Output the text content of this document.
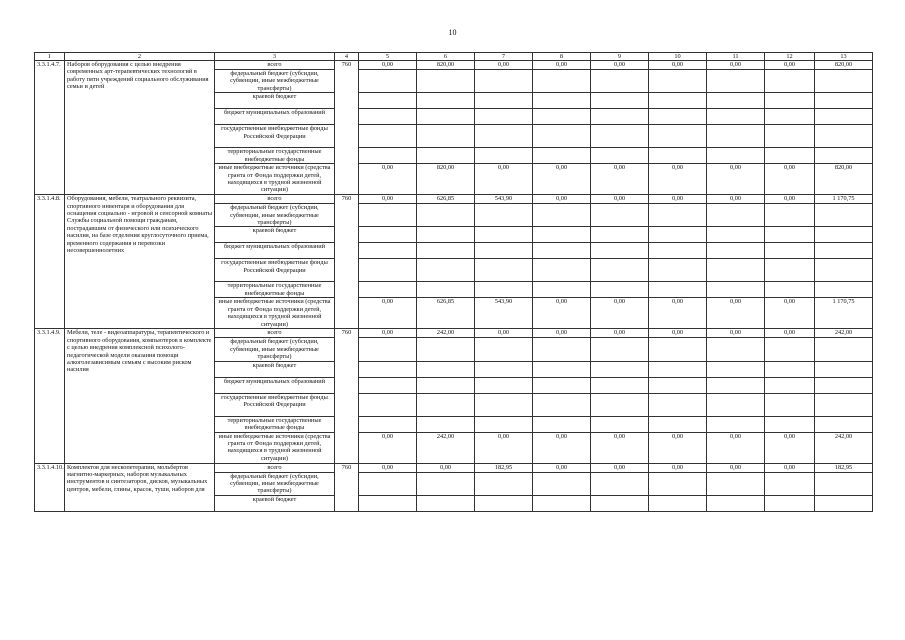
10
1	2	3	4	5	6	7	8	9	10	11	12	13
3.3.1.4.7.	Наборов оборудования с целью внедрения современных арт-терапевтических технологий в работу пяти учреждений социального обслуживания семьи и детей	всего	760	0,00	820,00	0,00	0,00	0,00	0,00	0,00	0,00	820,00
		федеральный бюджет (субсидии, субвенции, иные межбюджетные трансферты)										
		краевой бюджет										
		бюджет муниципальных образований										
		государственные внебюджетные фонды Российской Федерации										
		территориальные государственные внебюджетные фонды										
		иные внебюджетные источники (средства гранта от Фонда поддержки детей, находящихся в трудной жизненной ситуации)		0,00	820,00	0,00	0,00	0,00	0,00	0,00	0,00	820,00
3.3.1.4.8.	Оборудования, мебели, театрального реквизита, спортивного инвентаря и оборудования для оснащения социально - игровой и сенсорной комнаты Службы социальной помощи гражданам, пострадавшим от физического или психического насилия, на базе отделения круглосуточного приема, временного содержания и перевозки несовершеннолетних	всего	760	0,00	626,85	543,90	0,00	0,00	0,00	0,00	0,00	1 170,75
		федеральный бюджет (субсидии, субвенции, иные межбюджетные трансферты)										
		краевой бюджет										
		бюджет муниципальных образований										
		государственные внебюджетные фонды Российской Федерации										
		территориальные государственные внебюджетные фонды										
		иные внебюджетные источники (средства гранта от Фонда поддержки детей, находящихся в трудной жизненной ситуации)		0,00	626,85	543,90	0,00	0,00	0,00	0,00	0,00	1 170,75
3.3.1.4.9.	Мебели, теле - видеоаппаратуры, терапевтического и спортивного оборудования, компьютеров в комплекте с целью внедрения комплексной психолого-педагогической модели оказания помощи алкоголезависимым семьям с высоким риском насилия	всего	760	0,00	242,00	0,00	0,00	0,00	0,00	0,00	0,00	242,00
		федеральный бюджет (субсидии, субвенции, иные межбюджетные трансферты)										
		краевой бюджет										
		бюджет муниципальных образований										
		государственные внебюджетные фонды Российской Федерации										
		территориальные государственные внебюджетные фонды										
		иные внебюджетные источники (средства гранта от Фонда поддержки детей, находящихся в трудной жизненной ситуации)		0,00	242,00	0,00	0,00	0,00	0,00	0,00	0,00	242,00
3.3.1.4.10.	Комплектов для нескопетерапии, мольбертов магнитно-маркерных, наборов музыкальных инструментов и синтезаторов, дисков, музыкальных центров, мебели, глины, красок, туши, наборов для	всего	760	0,00	0,00	182,95	0,00	0,00	0,00	0,00	0,00	182,95
		федеральный бюджет (субсидии, субвенции, иные межбюджетные трансферты)										
		краевой бюджет										
